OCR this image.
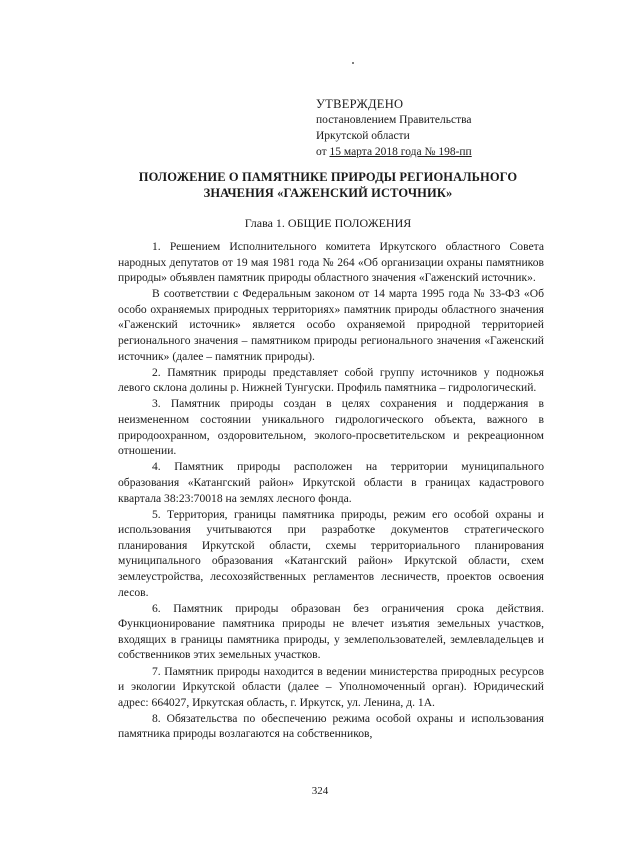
УТВЕРЖДЕНО
постановлением Правительства
Иркутской области
от 15 марта 2018 года № 198-пп
ПОЛОЖЕНИЕ О ПАМЯТНИКЕ ПРИРОДЫ РЕГИОНАЛЬНОГО
ЗНАЧЕНИЯ «ГАЖЕНСКИЙ ИСТОЧНИК»
Глава 1. ОБЩИЕ ПОЛОЖЕНИЯ

1. Решением Исполнительного комитета Иркутского областного Совета народных депутатов от 19 мая 1981 года № 264 «Об организации охраны памятников природы» объявлен памятник природы областного значения «Гаженский источник».

В соответствии с Федеральным законом от 14 марта 1995 года № 33-ФЗ «Об особо охраняемых природных территориях» памятник природы областного значения «Гаженский источник» является особо охраняемой природной территорией регионального значения – памятником природы регионального значения «Гаженский источник» (далее – памятник природы).

2. Памятник природы представляет собой группу источников у подножья левого склона долины р. Нижней Тунгуски. Профиль памятника – гидрологический.

3. Памятник природы создан в целях сохранения и поддержания в неизмененном состоянии уникального гидрологического объекта, важного в природоохранном, оздоровительном, эколого-просветительском и рекреационном отношении.

4. Памятник природы расположен на территории муниципального образования «Катангский район» Иркутской области в границах кадастрового квартала 38:23:70018 на землях лесного фонда.

5. Территория, границы памятника природы, режим его особой охраны и использования учитываются при разработке документов стратегического планирования Иркутской области, схемы территориального планирования муниципального образования «Катангский район» Иркутской области, схем землеустройства, лесохозяйственных регламентов лесничеств, проектов освоения лесов.

6. Памятник природы образован без ограничения срока действия. Функционирование памятника природы не влечет изъятия земельных участков, входящих в границы памятника природы, у землепользователей, землевладельцев и собственников этих земельных участков.

7. Памятник природы находится в ведении министерства природных ресурсов и экологии Иркутской области (далее – Уполномоченный орган). Юридический адрес: 664027, Иркутская область, г. Иркутск, ул. Ленина, д. 1А.

8. Обязательства по обеспечению режима особой охраны и использования памятника природы возлагаются на собственников,

324
